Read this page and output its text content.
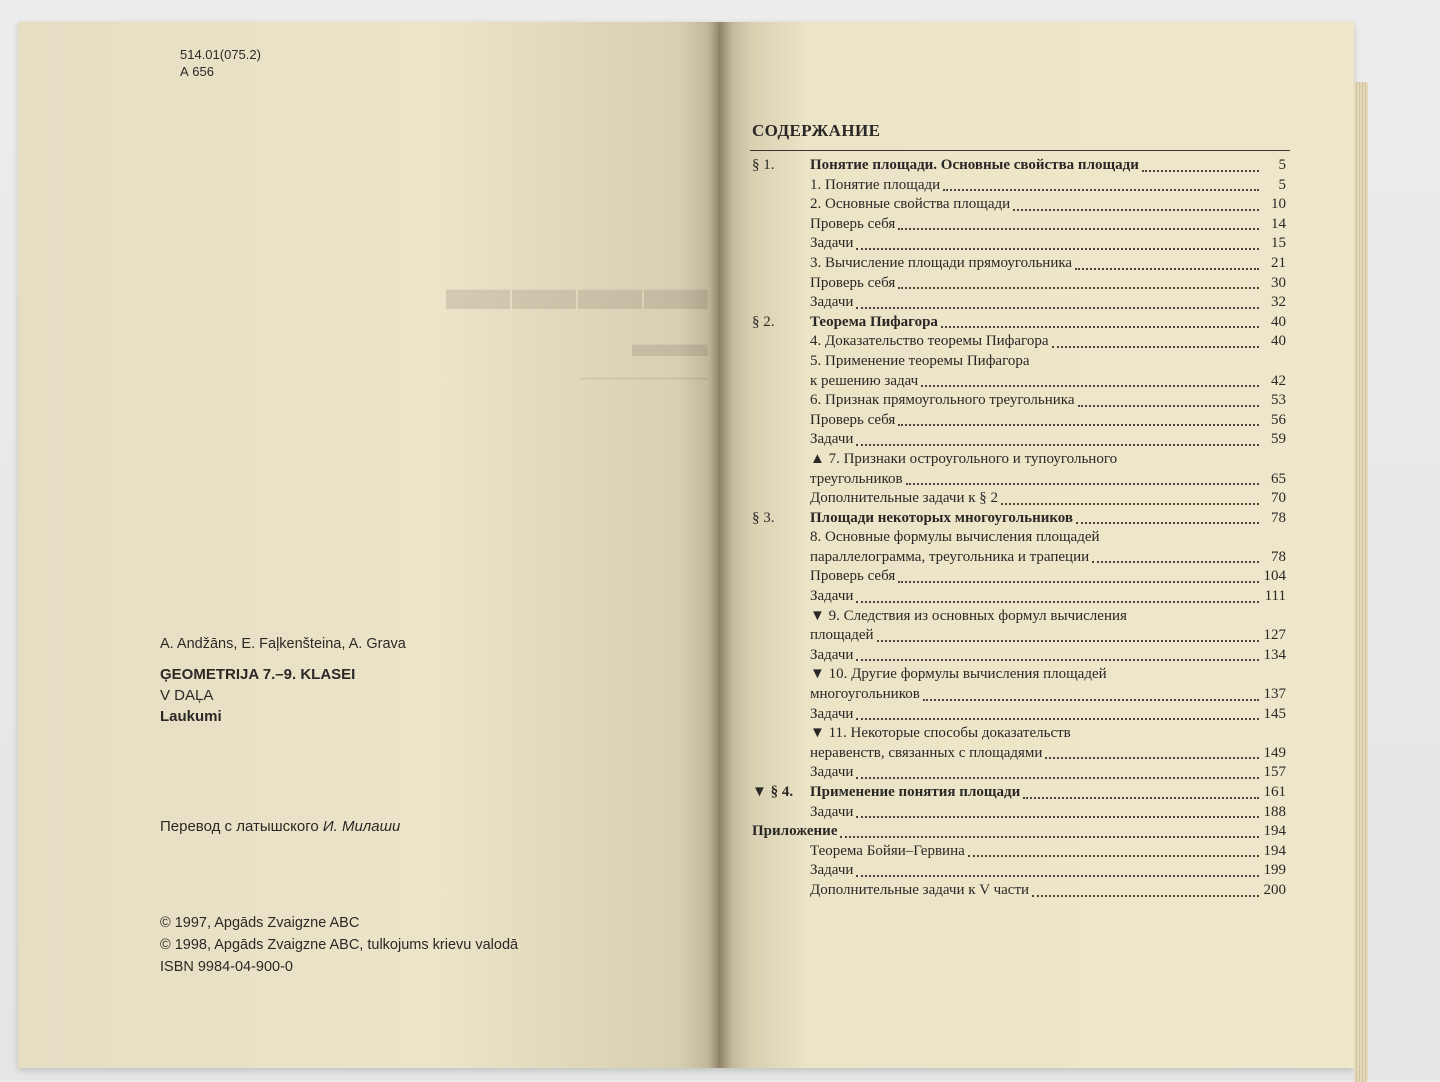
514.01(075.2)
А 656
▬▬▬▬
▬▬
──────────
A. Andžāns, E. Faļkenšteina, A. Grava
ĢEOMETRIJA 7.–9. KLASEI
V DAĻA
Laukumi
Перевод с латышского И. Милаши
© 1997, Apgāds Zvaigzne ABC
© 1998, Apgāds Zvaigzne ABC, tulkojums krievu valodā
ISBN 9984-04-900-0
СОДЕРЖАНИЕ
§ 1.	Понятие площади. Основные свойства площади	5
1. Понятие площади	5
2. Основные свойства площади	10
Проверь себя	14
Задачи	15
3. Вычисление площади прямоугольника	21
Проверь себя	30
Задачи	32
§ 2.	Теорема Пифагора	40
4. Доказательство теоремы Пифагора	40
5. Применение теоремы Пифагора
к решению задач	42
6. Признак прямоугольного треугольника	53
Проверь себя	56
Задачи	59
▲ 7. Признаки остроугольного и тупоугольного
треугольников	65
Дополнительные задачи к § 2	70
§ 3.	Площади некоторых многоугольников	78
8. Основные формулы вычисления площадей
параллелограмма, треугольника и трапеции	78
Проверь себя	104
Задачи	111
▼ 9. Следствия из основных формул вычисления
площадей	127
Задачи	134
▼ 10. Другие формулы вычисления площадей
многоугольников	137
Задачи	145
▼ 11. Некоторые способы доказательств
неравенств, связанных с площадями	149
Задачи	157
▼ § 4.	Применение понятия площади	161
Задачи	188
Приложение	194
Теорема Бойяи–Гервина	194
Задачи	199
Дополнительные задачи к V части	200
